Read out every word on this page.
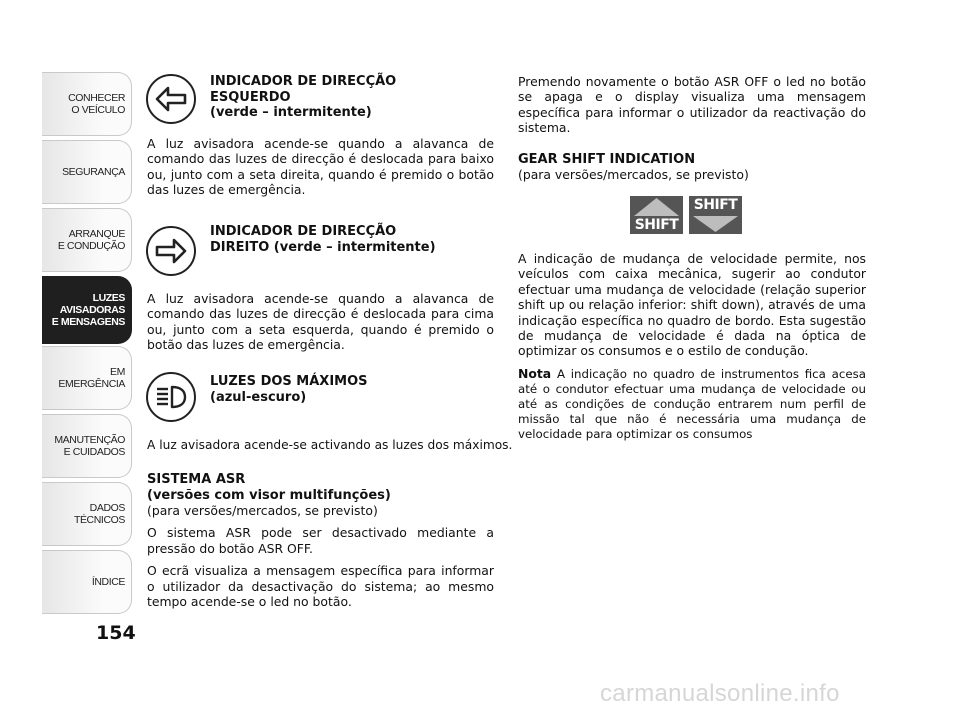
CONHECER
O VEÍCULO
SEGURANÇA
ARRANQUE
E CONDUÇÃO
LUZES
AVISADORAS
E MENSAGENS
EM EMERGÊNCIA
MANUTENÇÃO
E CUIDADOS
DADOS TÉCNICOS
ÍNDICE
154
INDICADOR DE DIRECÇÃO
ESQUERDO
(verde – intermitente)

A luz avisadora acende-se quando a alavanca de comando das luzes de direcção é deslocada para baixo ou, junto com a seta direita, quando é premido o botão das luzes de emergência.

INDICADOR DE DIRECÇÃO
DIREITO (verde – intermitente)

A luz avisadora acende-se quando a alavanca de comando das luzes de direcção é deslocada para cima ou, junto com a seta esquerda, quando é premido o botão das luzes de emergência.

LUZES DOS MÁXIMOS
(azul-escuro)

A luz avisadora acende-se activando as luzes dos máximos.

SISTEMA ASR
(versões com visor multifunções)

(para versões/mercados, se previsto)

O sistema ASR pode ser desactivado mediante a pressão do botão ASR OFF.

O ecrã visualiza a mensagem específica para informar o utilizador da desactivação do sistema; ao mesmo tempo acende-se o led no botão.

Premendo novamente o botão ASR OFF o led no botão se apaga e o display visualiza uma mensagem específica para informar o utilizador da reactivação do sistema.

GEAR SHIFT INDICATION

(para versões/mercados, se previsto)

SHIFT
SHIFT

A indicação de mudança de velocidade permite, nos veículos com caixa mecânica, sugerir ao condutor efectuar uma mudança de velocidade (relação superior shift up ou relação inferior: shift down), através de uma indicação específica no quadro de bordo. Esta sugestão de mudança de velocidade é dada na óptica de optimizar os consumos e o estilo de condução.

Nota A indicação no quadro de instrumentos fica acesa até o condutor efectuar uma mudança de velocidade ou até as condições de condução entrarem num perfil de missão tal que não é necessária uma mudança de velocidade para optimizar os consumos

carmanualsonline.info
